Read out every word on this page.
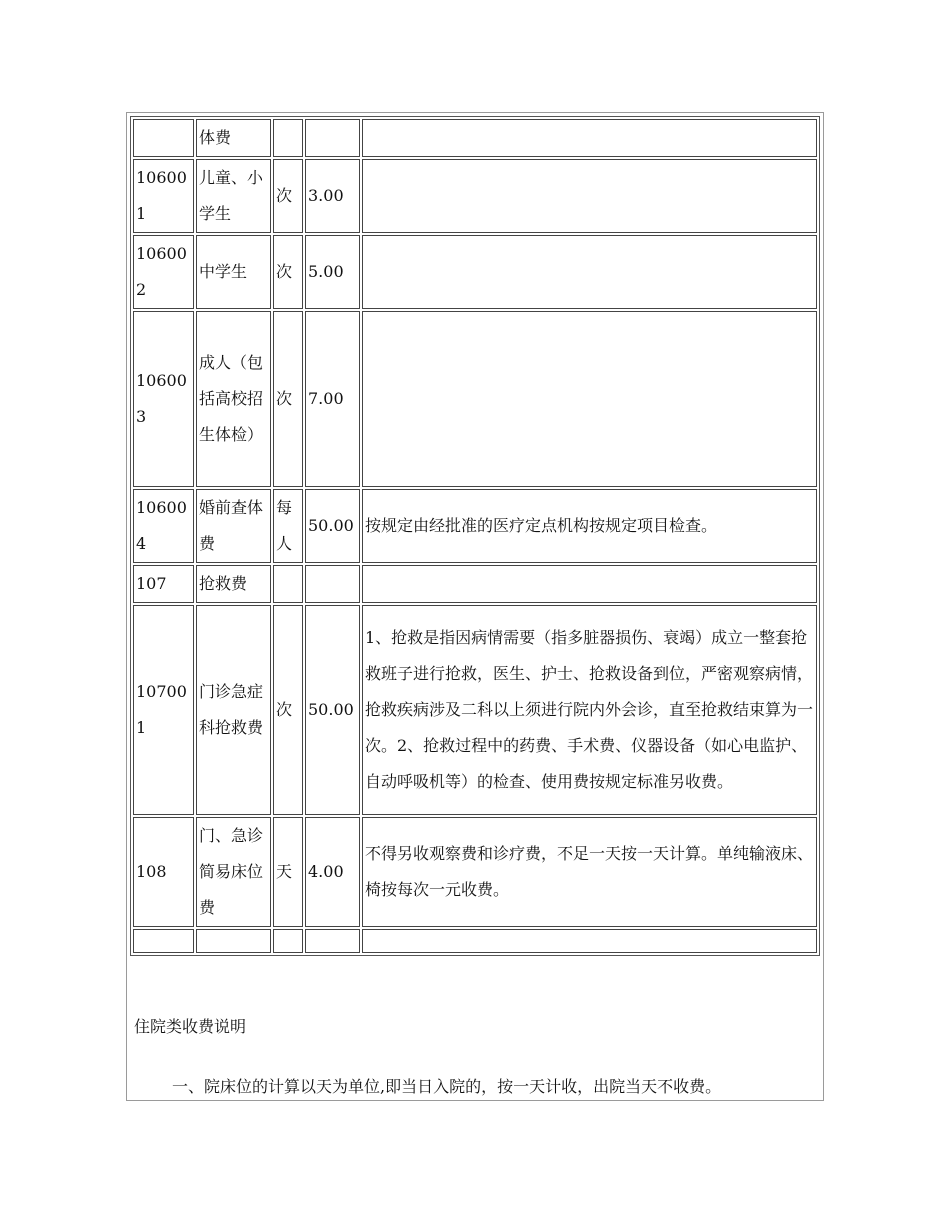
	体费			
106001	儿童、小学生	次	3.00	
106002	中学生	次	5.00	
106003	成人（包括高校招生体检）	次	7.00	
106004	婚前查体费	每人	50.00	按规定由经批准的医疗定点机构按规定项目检查。
107	抢救费			
107001	门诊急症科抢救费	次	50.00	1、抢救是指因病情需要（指多脏器损伤、衰竭）成立一整套抢救班子进行抢救，医生、护士、抢救设备到位，严密观察病情，抢救疾病涉及二科以上须进行院内外会诊，直至抢救结束算为一次。2、抢救过程中的药费、手术费、仪器设备（如心电监护、自动呼吸机等）的检查、使用费按规定标准另收费。
108	门、急诊简易床位费	天	4.00	不得另收观察费和诊疗费，不足一天按一天计算。单纯输液床、椅按每次一元收费。

住院类收费说明
一、院床位的计算以天为单位,即当日入院的，按一天计收，出院当天不收费。
